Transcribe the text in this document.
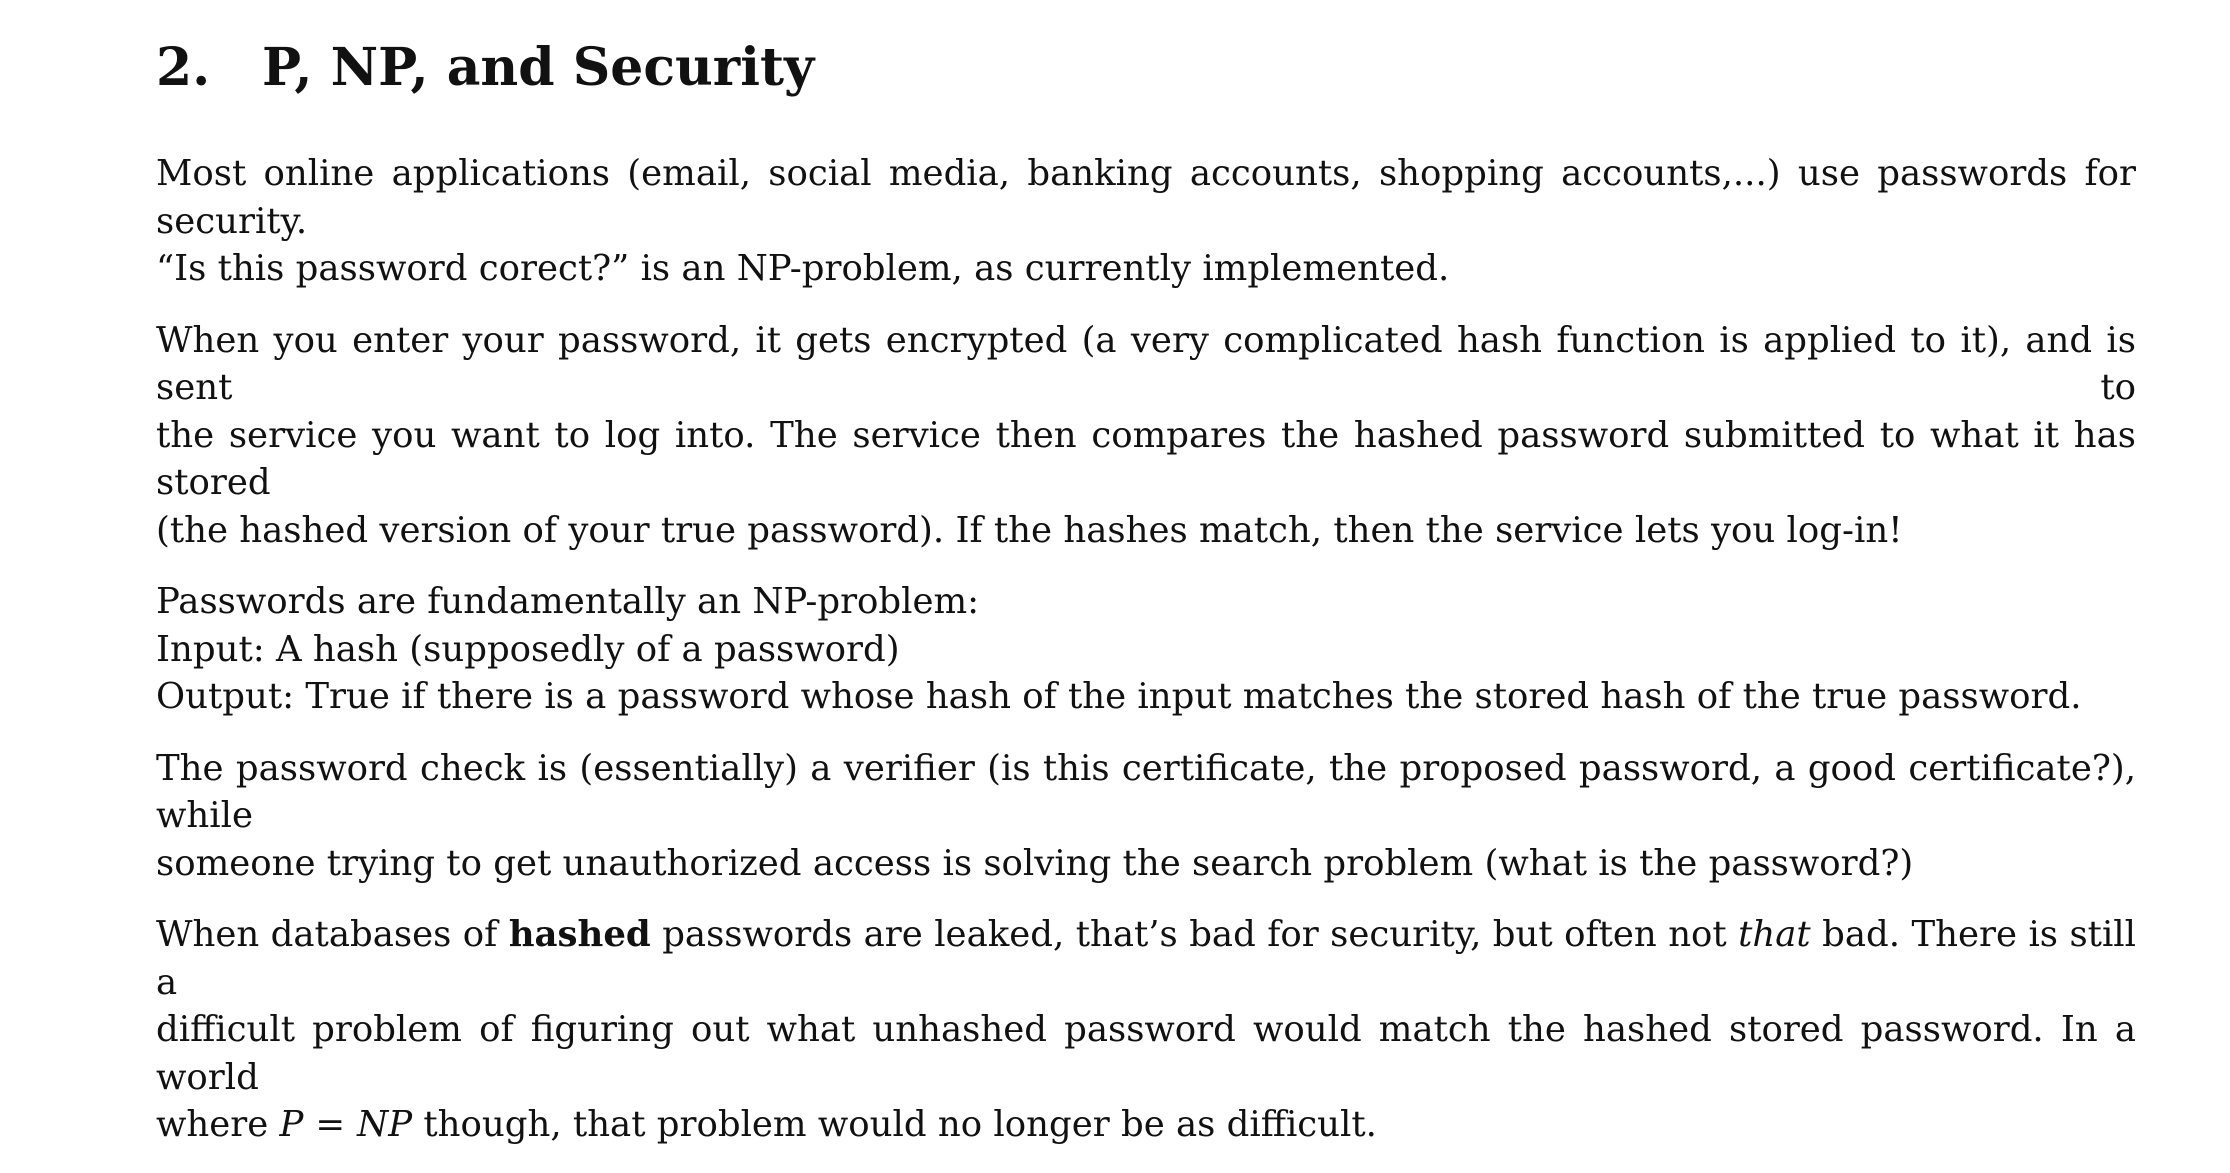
2. P, NP, and Security
Most online applications (email, social media, banking accounts, shopping accounts,...) use passwords for security.
“Is this password corect?” is an NP-problem, as currently implemented.
When you enter your password, it gets encrypted (a very complicated hash function is applied to it), and is sent to
the service you want to log into. The service then compares the hashed password submitted to what it has stored
(the hashed version of your true password). If the hashes match, then the service lets you log-in!
Passwords are fundamentally an NP-problem:
Input: A hash (supposedly of a password)
Output: True if there is a password whose hash of the input matches the stored hash of the true password.
The password check is (essentially) a verifier (is this certificate, the proposed password, a good certificate?), while
someone trying to get unauthorized access is solving the search problem (what is the password?)
When databases of hashed passwords are leaked, that’s bad for security, but often not that bad. There is still a
difficult problem of figuring out what unhashed password would match the hashed stored password. In a world
where P = NP though, that problem would no longer be as difficult.
